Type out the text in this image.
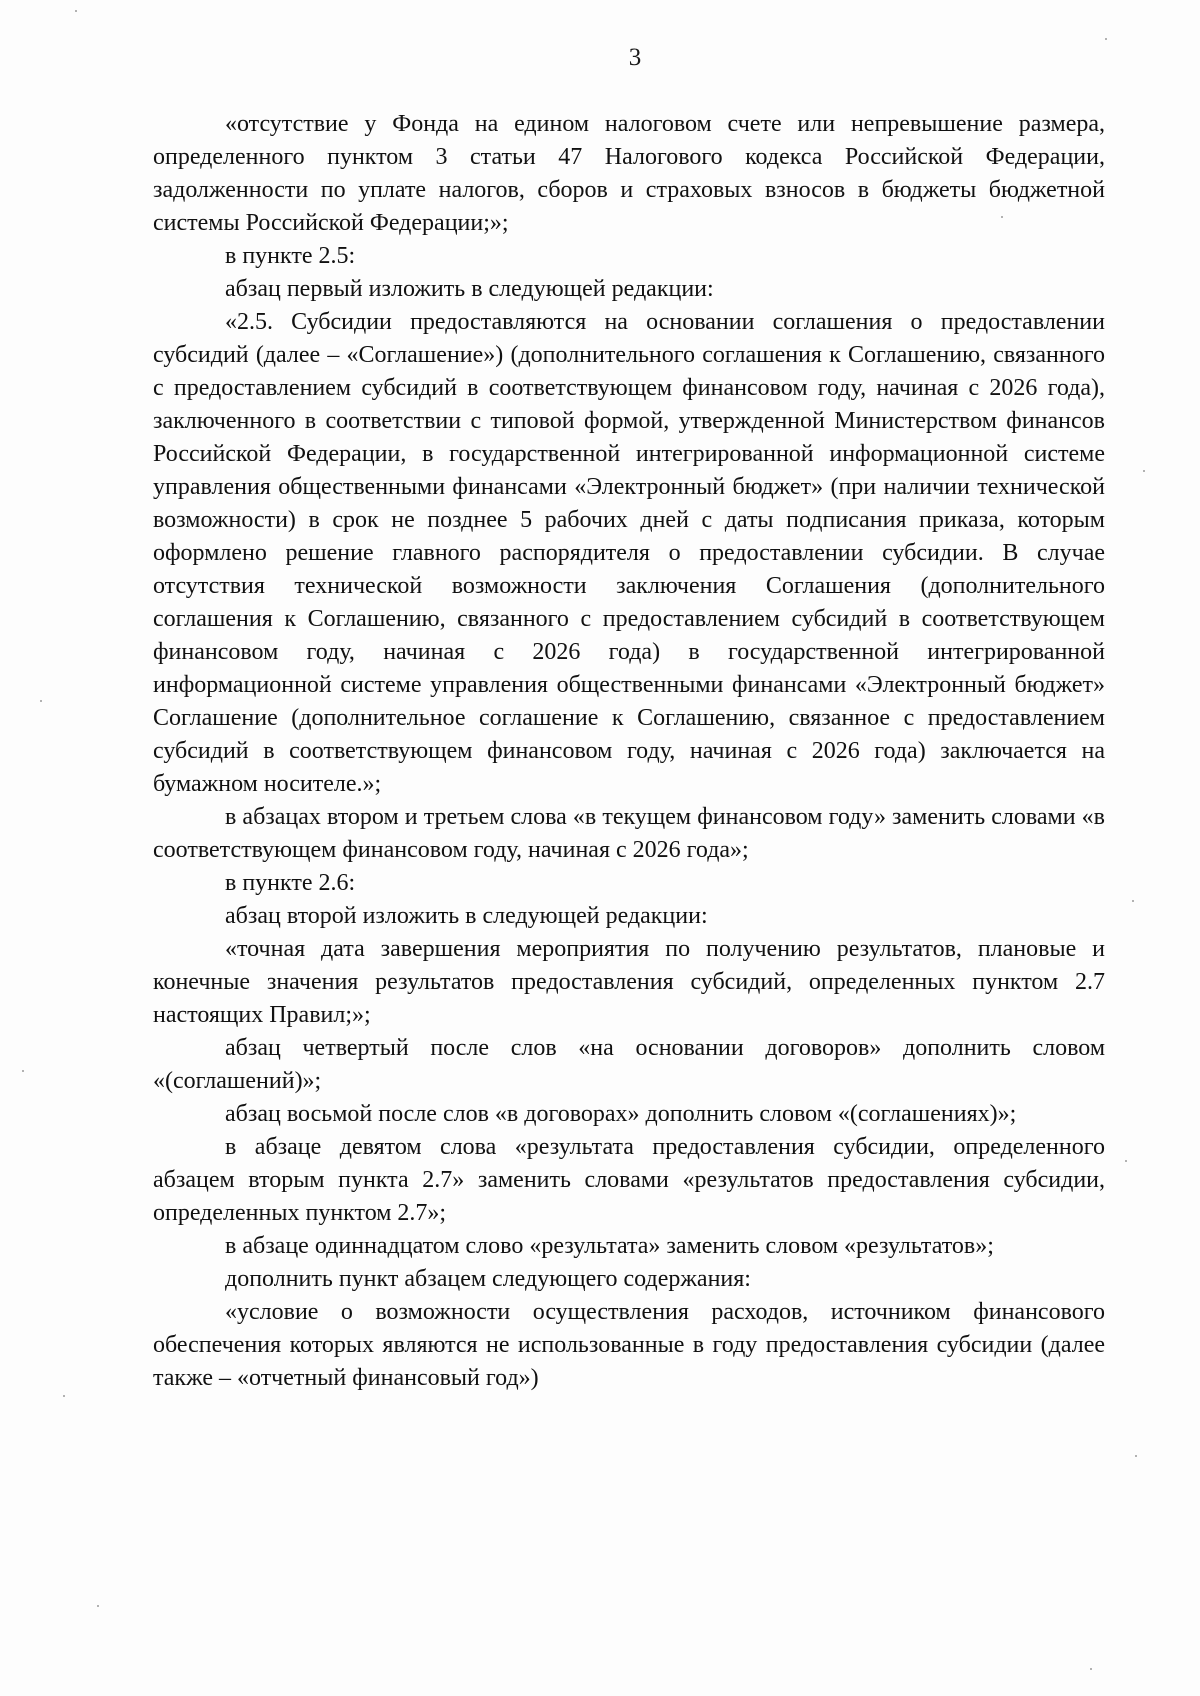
3

«отсутствие у Фонда на едином налоговом счете или непревышение размера, определенного пунктом 3 статьи 47 Налогового кодекса Российской Федерации, задолженности по уплате налогов, сборов и страховых взносов в бюджеты бюджетной системы Российской Федерации;»;

в пункте 2.5:

абзац первый изложить в следующей редакции:

«2.5. Субсидии предоставляются на основании соглашения о предоставлении субсидий (далее – «Соглашение») (дополнительного соглашения к Соглашению, связанного с предоставлением субсидий в соответствующем финансовом году, начиная с 2026 года), заключенного в соответствии с типовой формой, утвержденной Министерством финансов Российской Федерации, в государственной интегрированной информационной системе управления общественными финансами «Электронный бюджет» (при наличии технической возможности) в срок не позднее 5 рабочих дней с даты подписания приказа, которым оформлено решение главного распорядителя о предоставлении субсидии. В случае отсутствия технической возможности заключения Соглашения (дополнительного соглашения к Соглашению, связанного с предоставлением субсидий в соответствующем финансовом году, начиная с 2026 года) в государственной интегрированной информационной системе управления общественными финансами «Электронный бюджет» Соглашение (дополнительное соглашение к Соглашению, связанное с предоставлением субсидий в соответствующем финансовом году, начиная с 2026 года) заключается на бумажном носителе.»;

в абзацах втором и третьем слова «в текущем финансовом году» заменить словами «в соответствующем финансовом году, начиная с 2026 года»;

в пункте 2.6:

абзац второй изложить в следующей редакции:

«точная дата завершения мероприятия по получению результатов, плановые и конечные значения результатов предоставления субсидий, определенных пунктом 2.7 настоящих Правил;»;

абзац четвертый после слов «на основании договоров» дополнить словом «(соглашений)»;

абзац восьмой после слов «в договорах» дополнить словом «(соглашениях)»;

в абзаце девятом слова «результата предоставления субсидии, определенного абзацем вторым пункта 2.7» заменить словами «результатов предоставления субсидии, определенных пунктом 2.7»;

в абзаце одиннадцатом слово «результата» заменить словом «результатов»;

дополнить пункт абзацем следующего содержания:

«условие о возможности осуществления расходов, источником финансового обеспечения которых являются не использованные в году предоставления субсидии (далее также – «отчетный финансовый год»)
